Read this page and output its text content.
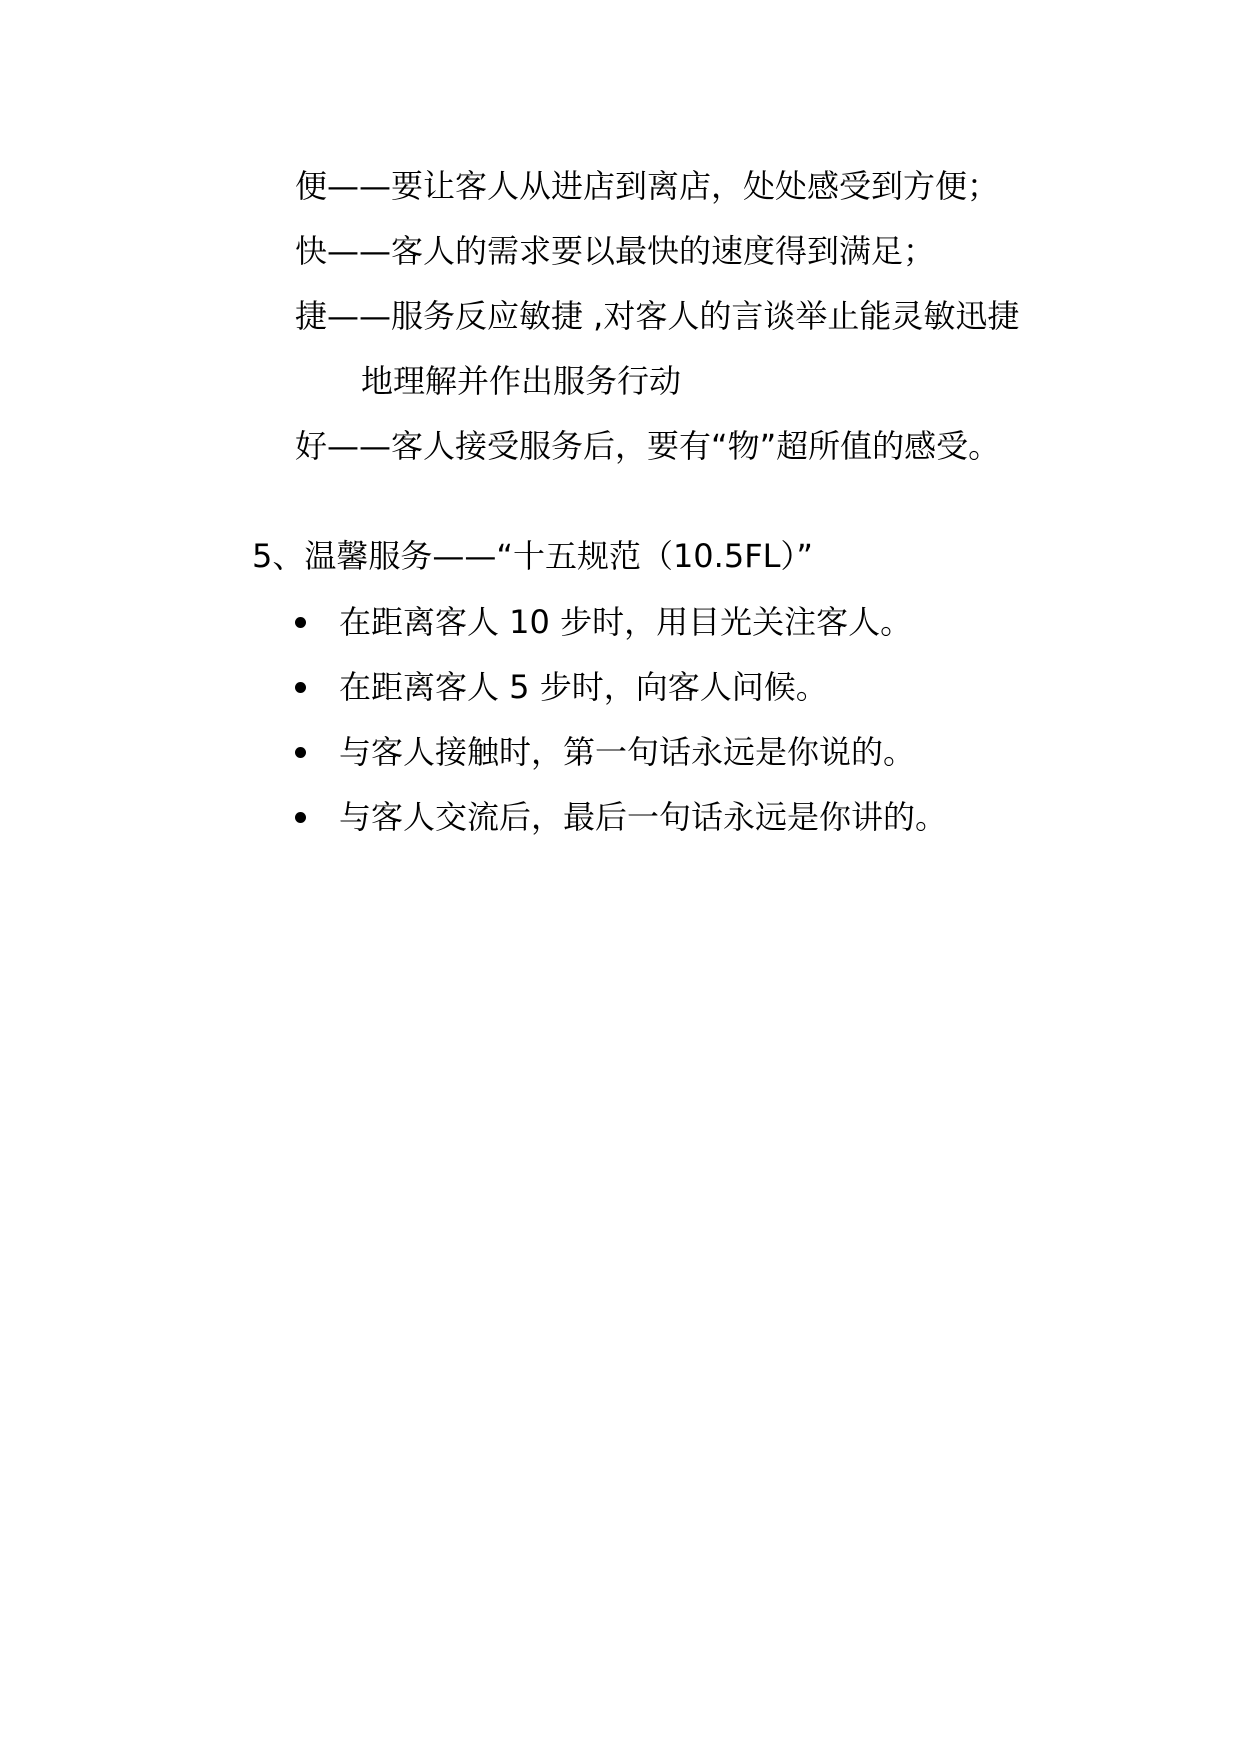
便——要让客人从进店到离店，处处感受到方便；
快——客人的需求要以最快的速度得到满足；
捷——服务反应敏捷 ,对客人的言谈举止能灵敏迅捷
地理解并作出服务行动
好——客人接受服务后，要有“物”超所值的感受。
5、温馨服务——“十五规范（10.5FL）”
在距离客人 10 步时，用目光关注客人。
在距离客人 5 步时，向客人问候。
与客人接触时，第一句话永远是你说的。
与客人交流后，最后一句话永远是你讲的。
